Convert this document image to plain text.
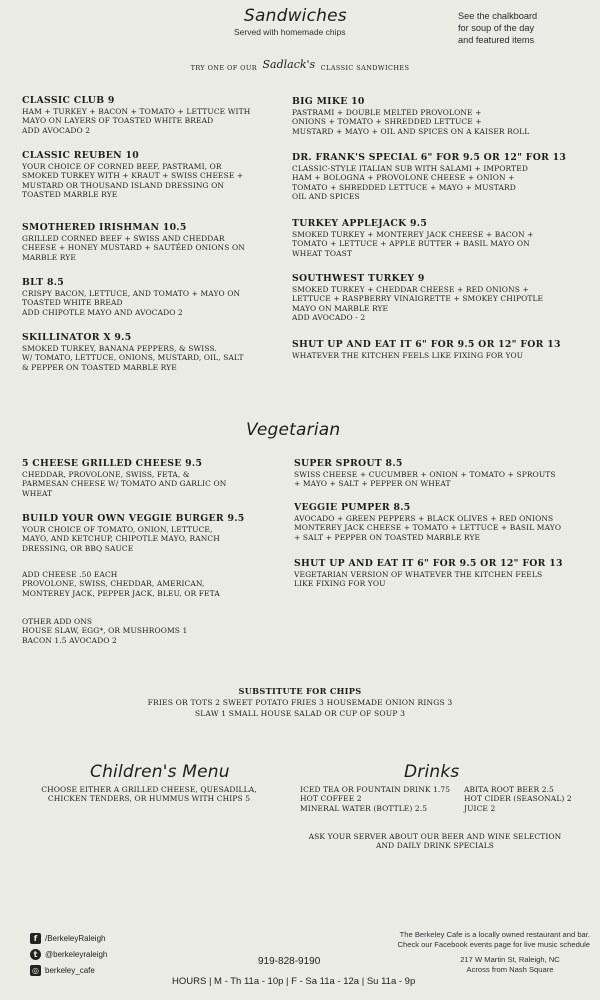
Sandwiches
Served with homemade chips
See the chalkboard
for soup of the day
and featured items
TRY ONE OF OUR Sadlack's CLASSIC SANDWICHES
CLASSIC CLUB 9
HAM + TURKEY + BACON + TOMATO + LETTUCE WITH
MAYO ON LAYERS OF TOASTED WHITE BREAD
ADD AVOCADO 2
CLASSIC REUBEN 10
YOUR CHOICE OF CORNED BEEF, PASTRAMI, OR
SMOKED TURKEY WITH + KRAUT + SWISS CHEESE +
MUSTARD OR THOUSAND ISLAND DRESSING ON
TOASTED MARBLE RYE
SMOTHERED IRISHMAN 10.5
GRILLED CORNED BEEF + SWISS AND CHEDDAR
CHEESE + HONEY MUSTARD + SAUTÉED ONIONS ON
MARBLE RYE
BLT 8.5
CRISPY BACON, LETTUCE, AND TOMATO + MAYO ON
TOASTED WHITE BREAD
ADD CHIPOTLE MAYO AND AVOCADO 2
SKILLINATOR X 9.5
SMOKED TURKEY, BANANA PEPPERS, & SWISS.
W/ TOMATO, LETTUCE, ONIONS, MUSTARD, OIL, SALT
& PEPPER ON TOASTED MARBLE RYE
BIG MIKE 10
PASTRAMI + DOUBLE MELTED PROVOLONE +
ONIONS + TOMATO + SHREDDED LETTUCE +
MUSTARD + MAYO + OIL AND SPICES ON A KAISER ROLL
DR. FRANK'S SPECIAL 6" FOR 9.5 OR 12" FOR 13
CLASSIC-STYLE ITALIAN SUB WITH SALAMI + IMPORTED
HAM + BOLOGNA + PROVOLONE CHEESE + ONION +
TOMATO + SHREDDED LETTUCE + MAYO + MUSTARD
OIL AND SPICES
TURKEY APPLEJACK 9.5
SMOKED TURKEY + MONTEREY JACK CHEESE + BACON +
TOMATO + LETTUCE + APPLE BUTTER + BASIL MAYO ON
WHEAT TOAST
SOUTHWEST TURKEY 9
SMOKED TURKEY + CHEDDAR CHEESE + RED ONIONS +
LETTUCE + RASPBERRY VINAIGRETTE + SMOKEY CHIPOTLE
MAYO ON MARBLE RYE
ADD AVOCADO - 2
SHUT UP AND EAT IT 6" FOR 9.5 OR 12" FOR 13
WHATEVER THE KITCHEN FEELS LIKE FIXING FOR YOU
Vegetarian
5 CHEESE GRILLED CHEESE 9.5
CHEDDAR, PROVOLONE, SWISS, FETA, &
PARMESAN CHEESE W/ TOMATO AND GARLIC ON
WHEAT
BUILD YOUR OWN VEGGIE BURGER 9.5
YOUR CHOICE OF TOMATO, ONION, LETTUCE,
MAYO, AND KETCHUP, CHIPOTLE MAYO, RANCH
DRESSING, OR BBQ SAUCE
ADD CHEESE .50 EACH
PROVOLONE, SWISS, CHEDDAR, AMERICAN,
MONTEREY JACK, PEPPER JACK, BLEU, OR FETA
OTHER ADD ONS
HOUSE SLAW, EGG*, OR MUSHROOMS 1
BACON 1.5 AVOCADO 2
SUPER SPROUT 8.5
SWISS CHEESE + CUCUMBER + ONION + TOMATO + SPROUTS
+ MAYO + SALT + PEPPER ON WHEAT
VEGGIE PUMPER 8.5
AVOCADO + GREEN PEPPERS + BLACK OLIVES + RED ONIONS
MONTEREY JACK CHEESE + TOMATO + LETTUCE + BASIL MAYO
+ SALT + PEPPER ON TOASTED MARBLE RYE
SHUT UP AND EAT IT 6" FOR 9.5 OR 12" FOR 13
VEGETARIAN VERSION OF WHATEVER THE KITCHEN FEELS
LIKE FIXING FOR YOU
SUBSTITUTE FOR CHIPS
FRIES OR TOTS 2 SWEET POTATO FRIES 3 HOUSEMADE ONION RINGS 3
SLAW 1 SMALL HOUSE SALAD OR CUP OF SOUP 3
Children's Menu
CHOOSE EITHER A GRILLED CHEESE, QUESADILLA,
CHICKEN TENDERS, OR HUMMUS WITH CHIPS 5
Drinks
ICED TEA OR FOUNTAIN DRINK 1.75
HOT COFFEE 2
MINERAL WATER (BOTTLE) 2.5
ABITA ROOT BEER 2.5
HOT CIDER (SEASONAL) 2
JUICE 2
ASK YOUR SERVER ABOUT OUR BEER AND WINE SELECTION
AND DAILY DRINK SPECIALS
f /BerkeleyRaleigh
t @berkeleyraleigh
◎ berkeley_cafe
919-828-9190
HOURS | M - Th 11a - 10p | F - Sa 11a - 12a | Su 11a - 9p
The Berkeley Cafe is a locally owned restaurant and bar.
Check our Facebook events page for live music schedule
217 W Martin St, Raleigh, NC
Across from Nash Square
